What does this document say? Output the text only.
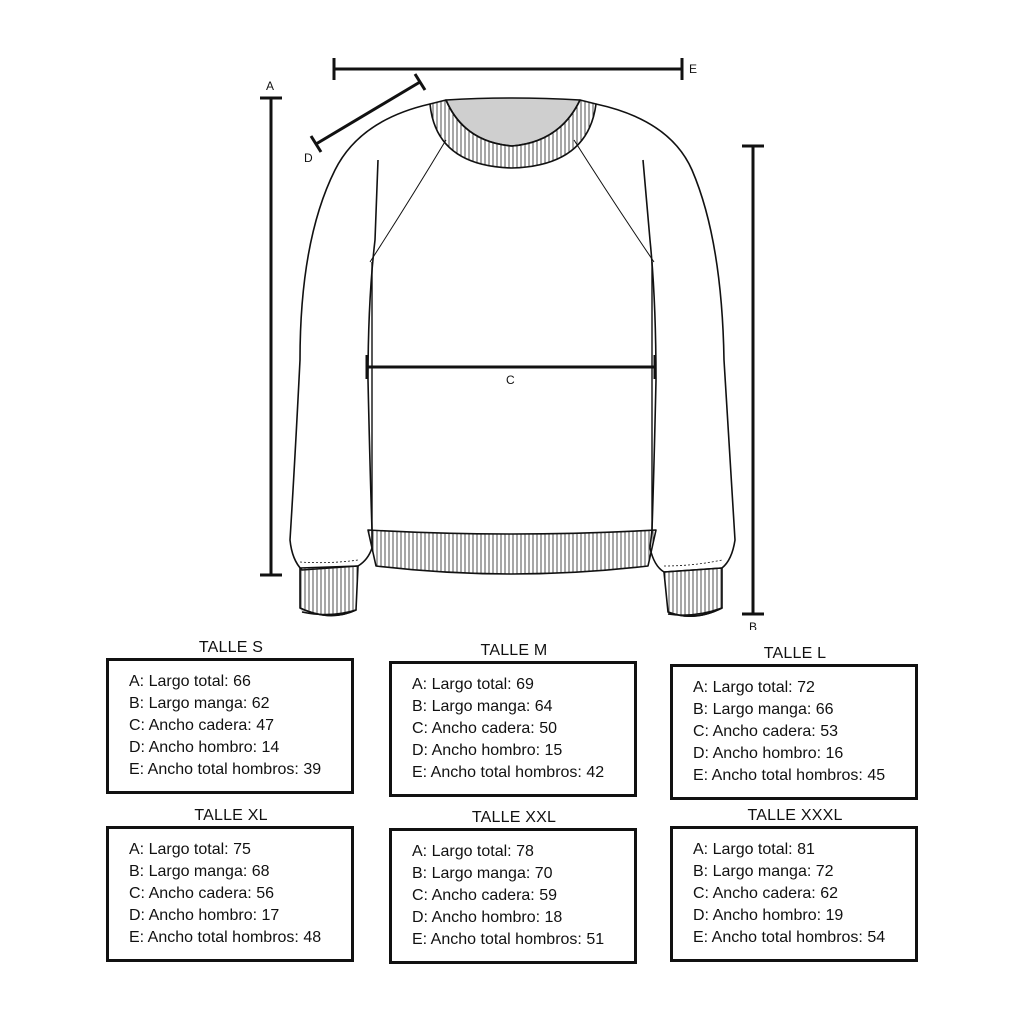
A
B
C
D
E
TALLE S
A: Largo total: 66
B: Largo manga: 62
C: Ancho cadera: 47
D: Ancho hombro: 14
E: Ancho total hombros: 39
TALLE M
A: Largo total: 69
B: Largo manga: 64
C: Ancho cadera: 50
D: Ancho hombro: 15
E: Ancho total hombros: 42
TALLE L
A: Largo total: 72
B: Largo manga: 66
C: Ancho cadera: 53
D: Ancho hombro: 16
E: Ancho total hombros: 45
TALLE XL
A: Largo total: 75
B: Largo manga: 68
C: Ancho cadera: 56
D: Ancho hombro: 17
E: Ancho total hombros: 48
TALLE XXL
A: Largo total: 78
B: Largo manga: 70
C: Ancho cadera: 59
D: Ancho hombro: 18
E: Ancho total hombros: 51
TALLE XXXL
A: Largo total: 81
B: Largo manga: 72
C: Ancho cadera: 62
D: Ancho hombro: 19
E: Ancho total hombros: 54
